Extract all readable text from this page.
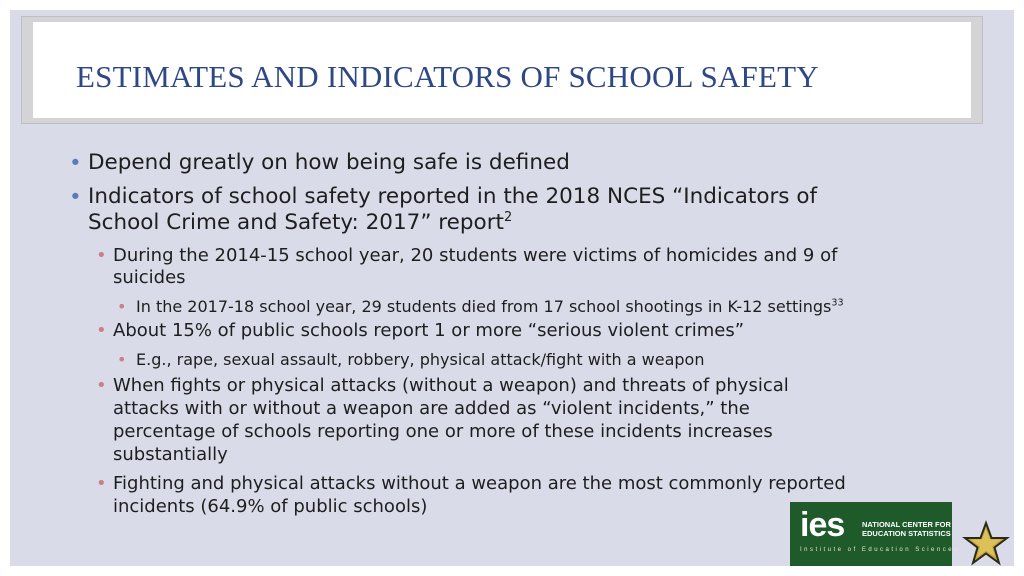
ESTIMATES AND INDICATORS OF SCHOOL SAFETY
• Depend greatly on how being safe is defined

• Indicators of school safety reported in the 2018 NCES “Indicators of

School Crime and Safety: 2017” report$^2$

• During the 2014-15 school year, 20 students were victims of homicides and 9 of

suicides

• In the 2017-18 school year, 29 students died from 17 school shootings in K-12 settings$^{33}$

• About 15% of public schools report 1 or more “serious violent crimes”

• E.g., rape, sexual assault, robbery, physical attack/fight with a weapon

• When fights or physical attacks (without a weapon) and threats of physical

attacks with or without a weapon are added as “violent incidents,” the

percentage of schools reporting one or more of these incidents increases

substantially

• Fighting and physical attacks without a weapon are the most commonly reported

incidents (64.9% of public schools)	ies NATIONAL CENTER FOR
EDUCATION STATISTICS
Institute of Education Sciences
